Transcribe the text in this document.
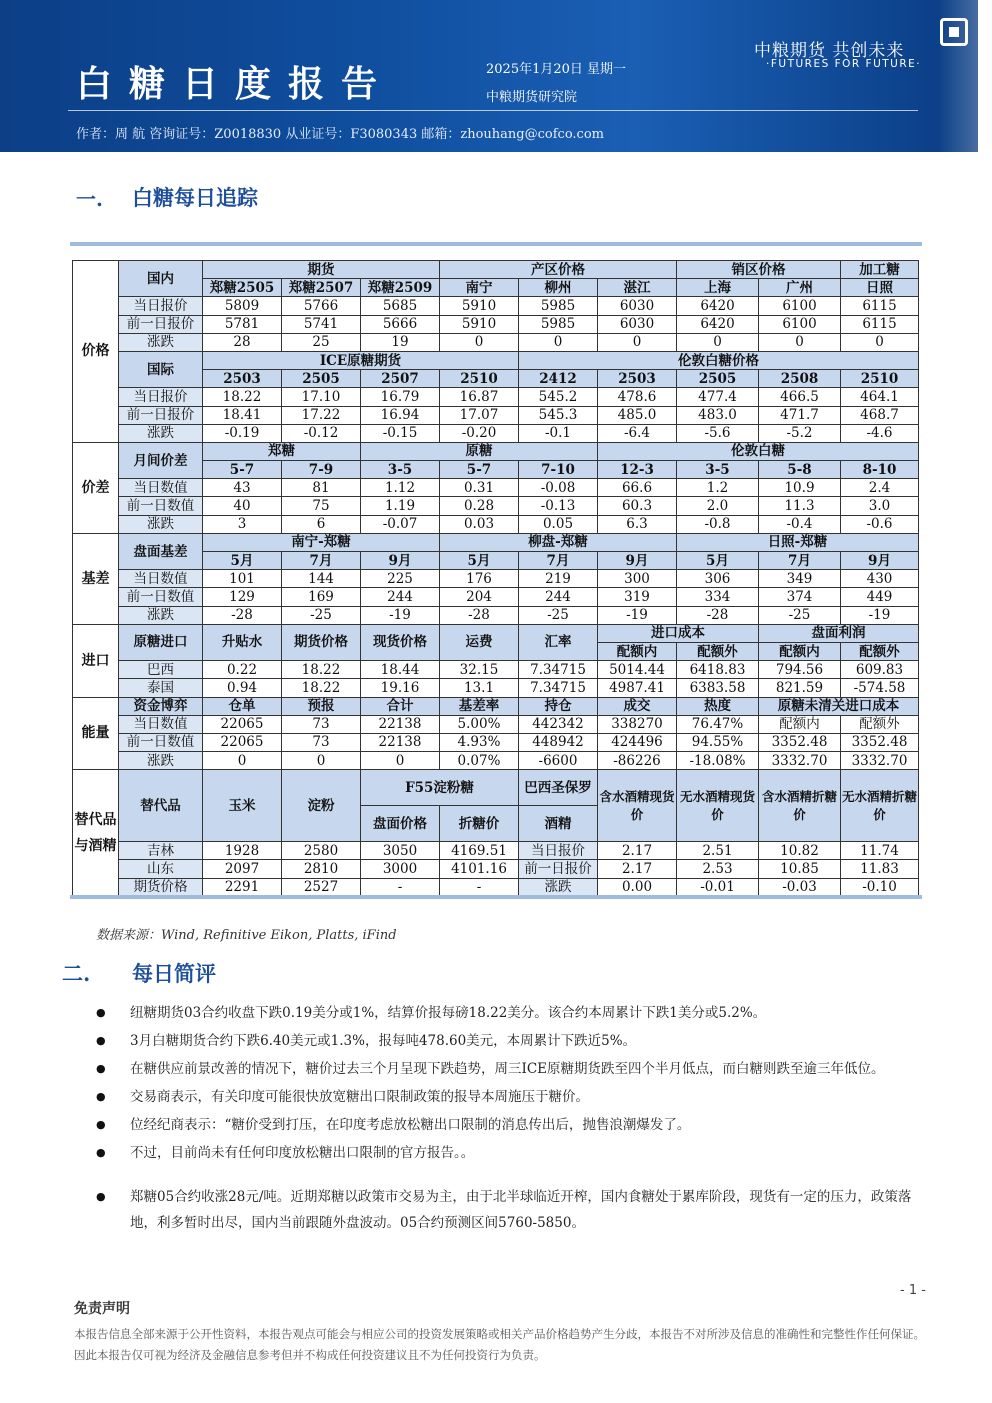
白糖日度报告	2025年1月20日 星期一
中粮期货研究院
中粮期货 共创未来
·FUTURES FOR FUTURE·
作者：周 航 咨询证号：Z0018830 从业证号：F3080343 邮箱：zhouhang@cofco.com
一. 白糖每日追踪
价格	国内	期货			产区价格			销区价格		加工糖
		郑糖2505	郑糖2507	郑糖2509	南宁	柳州	湛江	上海	广州	日照
	当日报价	5809	5766	5685	5910	5985	6030	6420	6100	6115
	前一日报价	5781	5741	5666	5910	5985	6030	6420	6100	6115
	涨跌	28	25	19	0	0	0	0	0	0
	国际	ICE原糖期货				伦敦白糖价格				
		2503	2505	2507	2510	2412	2503	2505	2508	2510
	当日报价	18.22	17.10	16.79	16.87	545.2	478.6	477.4	466.5	464.1
	前一日报价	18.41	17.22	16.94	17.07	545.3	485.0	483.0	471.7	468.7
	涨跌	-0.19	-0.12	-0.15	-0.20	-0.1	-6.4	-5.6	-5.2	-4.6
价差	月间价差	郑糖		原糖			伦敦白糖			
		5-7	7-9	3-5	5-7	7-10	12-3	3-5	5-8	8-10
	当日数值	43	81	1.12	0.31	-0.08	66.6	1.2	10.9	2.4
	前一日数值	40	75	1.19	0.28	-0.13	60.3	2.0	11.3	3.0
	涨跌	3	6	-0.07	0.03	0.05	6.3	-0.8	-0.4	-0.6
基差	盘面基差	南宁-郑糖			柳盘-郑糖			日照-郑糖		
		5月	7月	9月	5月	7月	9月	5月	7月	9月
	当日数值	101	144	225	176	219	300	306	349	430
	前一日数值	129	169	244	204	244	319	334	374	449
	涨跌	-28	-25	-19	-28	-25	-19	-28	-25	-19
进口	原糖进口	升贴水	期货价格	现货价格	运费	汇率	进口成本		盘面利润	
							配额内	配额外	配额内	配额外
	巴西	0.22	18.22	18.44	32.15	7.34715	5014.44	6418.83	794.56	609.83
	泰国	0.94	18.22	19.16	13.1	7.34715	4987.41	6383.58	821.59	-574.58
能量	资金博弈	仓单	预报	合计	基差率	持仓	成交	热度	原糖未清关进口成本	
	当日数值	22065	73	22138	5.00%	442342	338270	76.47%	配额内	配额外
	前一日数值	22065	73	22138	4.93%	448942	424496	94.55%	3352.48	3352.48
	涨跌	0	0	0	0.07%	-6600	-86226	-18.08%	3332.70	3332.70
替代品与酒精	替代品	玉米	淀粉	F55淀粉糖		巴西圣保罗	含水酒精现货价	无水酒精现货价	含水酒精折糖价	无水酒精折糖价
				盘面价格	折糖价	酒精				
	吉林	1928	2580	3050	4169.51	当日报价	2.17	2.51	10.82	11.74
	山东	2097	2810	3000	4101.16	前一日报价	2.17	2.53	10.85	11.83
	期货价格	2291	2527	-	-	涨跌	0.00	-0.01	-0.03	-0.10
数据来源：Wind, Refinitive Eikon, Platts, iFind
二. 每日简评
● 纽糖期货03合约收盘下跌0.19美分或1%，结算价报每磅18.22美分。该合约本周累计下跌1美分或5.2%。
● 3月白糖期货合约下跌6.40美元或1.3%，报每吨478.60美元，本周累计下跌近5%。
● 在糖供应前景改善的情况下，糖价过去三个月呈现下跌趋势，周三ICE原糖期货跌至四个半月低点，而白糖则跌至逾三年低位。
● 交易商表示，有关印度可能很快放宽糖出口限制政策的报导本周施压于糖价。
● 位经纪商表示：“糖价受到打压，在印度考虑放松糖出口限制的消息传出后，抛售浪潮爆发了。
● 不过，目前尚未有任何印度放松糖出口限制的官方报告。。
● 郑糖05合约收涨28元/吨。近期郑糖以政策市交易为主，由于北半球临近开榨，国内食糖处于累库阶段，现货有一定的压力，政策落地，利多暂时出尽，国内当前跟随外盘波动。05合约预测区间5760-5850。
- 1 -
免责声明
本报告信息全部来源于公开性资料，本报告观点可能会与相应公司的投资发展策略或相关产品价格趋势产生分歧，本报告不对所涉及信息的准确性和完整性作任何保证。因此本报告仅可视为经济及金融信息参考但并不构成任何投资建议且不为任何投资行为负责。
